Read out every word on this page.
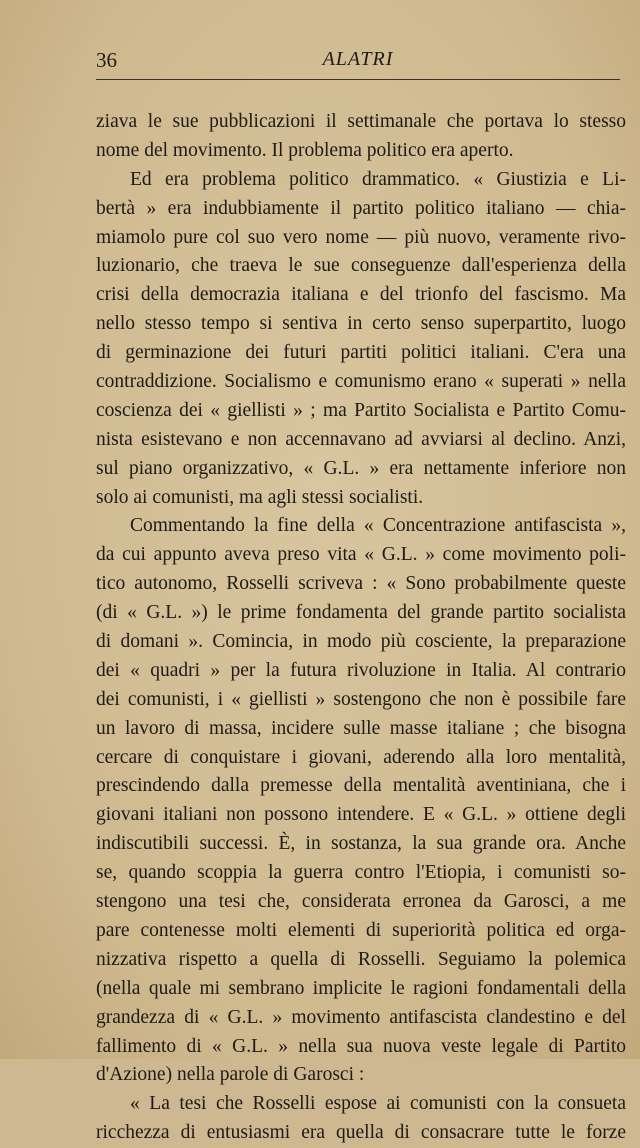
36	ALATRI
ziava le sue pubblicazioni il settimanale che portava lo stesso
nome del movimento. Il problema politico era aperto.
Ed era problema politico drammatico. « Giustizia e Li-
bertà » era indubbiamente il partito politico italiano — chia-
miamolo pure col suo vero nome — più nuovo, veramente rivo-
luzionario, che traeva le sue conseguenze dall'esperienza della
crisi della democrazia italiana e del trionfo del fascismo. Ma
nello stesso tempo si sentiva in certo senso superpartito, luogo
di germinazione dei futuri partiti politici italiani. C'era una
contraddizione. Socialismo e comunismo erano « superati » nella
coscienza dei « giellisti » ; ma Partito Socialista e Partito Comu-
nista esistevano e non accennavano ad avviarsi al declino. Anzi,
sul piano organizzativo, « G.L. » era nettamente inferiore non
solo ai comunisti, ma agli stessi socialisti.
Commentando la fine della « Concentrazione antifascista »,
da cui appunto aveva preso vita « G.L. » come movimento poli-
tico autonomo, Rosselli scriveva : « Sono probabilmente queste
(di « G.L. ») le prime fondamenta del grande partito socialista
di domani ». Comincia, in modo più cosciente, la preparazione
dei « quadri » per la futura rivoluzione in Italia. Al contrario
dei comunisti, i « giellisti » sostengono che non è possibile fare
un lavoro di massa, incidere sulle masse italiane ; che bisogna
cercare di conquistare i giovani, aderendo alla loro mentalità,
prescindendo dalla premesse della mentalità aventiniana, che i
giovani italiani non possono intendere. E « G.L. » ottiene degli
indiscutibili successi. È, in sostanza, la sua grande ora. Anche
se, quando scoppia la guerra contro l'Etiopia, i comunisti so-
stengono una tesi che, considerata erronea da Garosci, a me
pare contenesse molti elementi di superiorità politica ed orga-
nizzativa rispetto a quella di Rosselli. Seguiamo la polemica
(nella quale mi sembrano implicite le ragioni fondamentali della
grandezza di « G.L. » movimento antifascista clandestino e del
fallimento di « G.L. » nella sua nuova veste legale di Partito
d'Azione) nella parole di Garosci :
« La tesi che Rosselli espose ai comunisti con la consueta
ricchezza di entusiasmi era quella di consacrare tutte le forze
